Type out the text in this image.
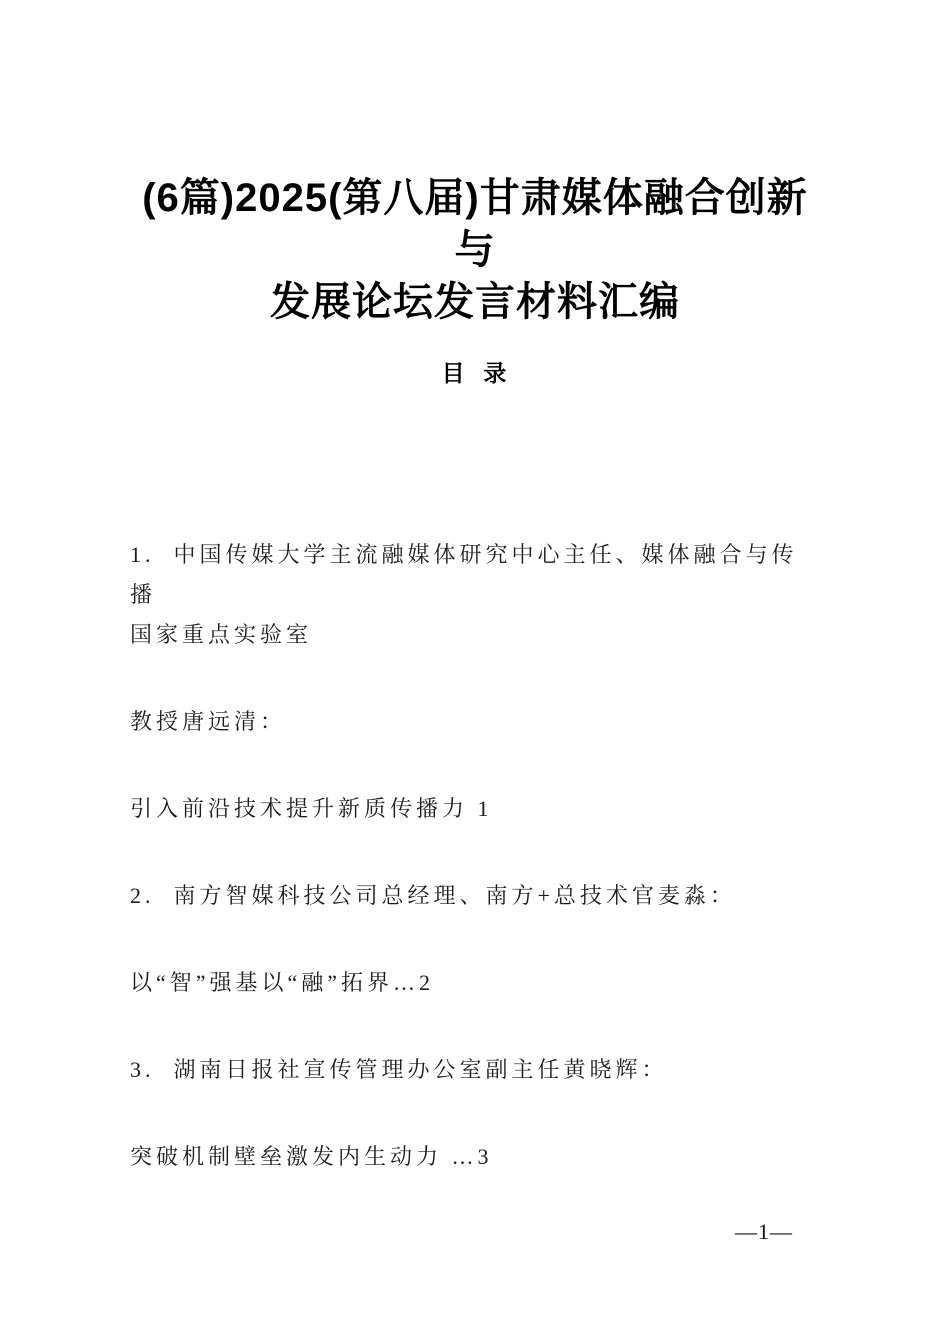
(6篇)2025(第八届)甘肃媒体融合创新与
发展论坛发言材料汇编
目  录

1.  中国传媒大学主流融媒体研究中心主任、媒体融合与传播

国家重点实验室

教授唐远清：

引入前沿技术提升新质传播力 1

2.  南方智媒科技公司总经理、南方+总技术官麦淼：

以“智”强基以“融”拓界…2

3.  湖南日报社宣传管理办公室副主任黄晓辉：

突破机制壁垒激发内生动力 …3

—1—
